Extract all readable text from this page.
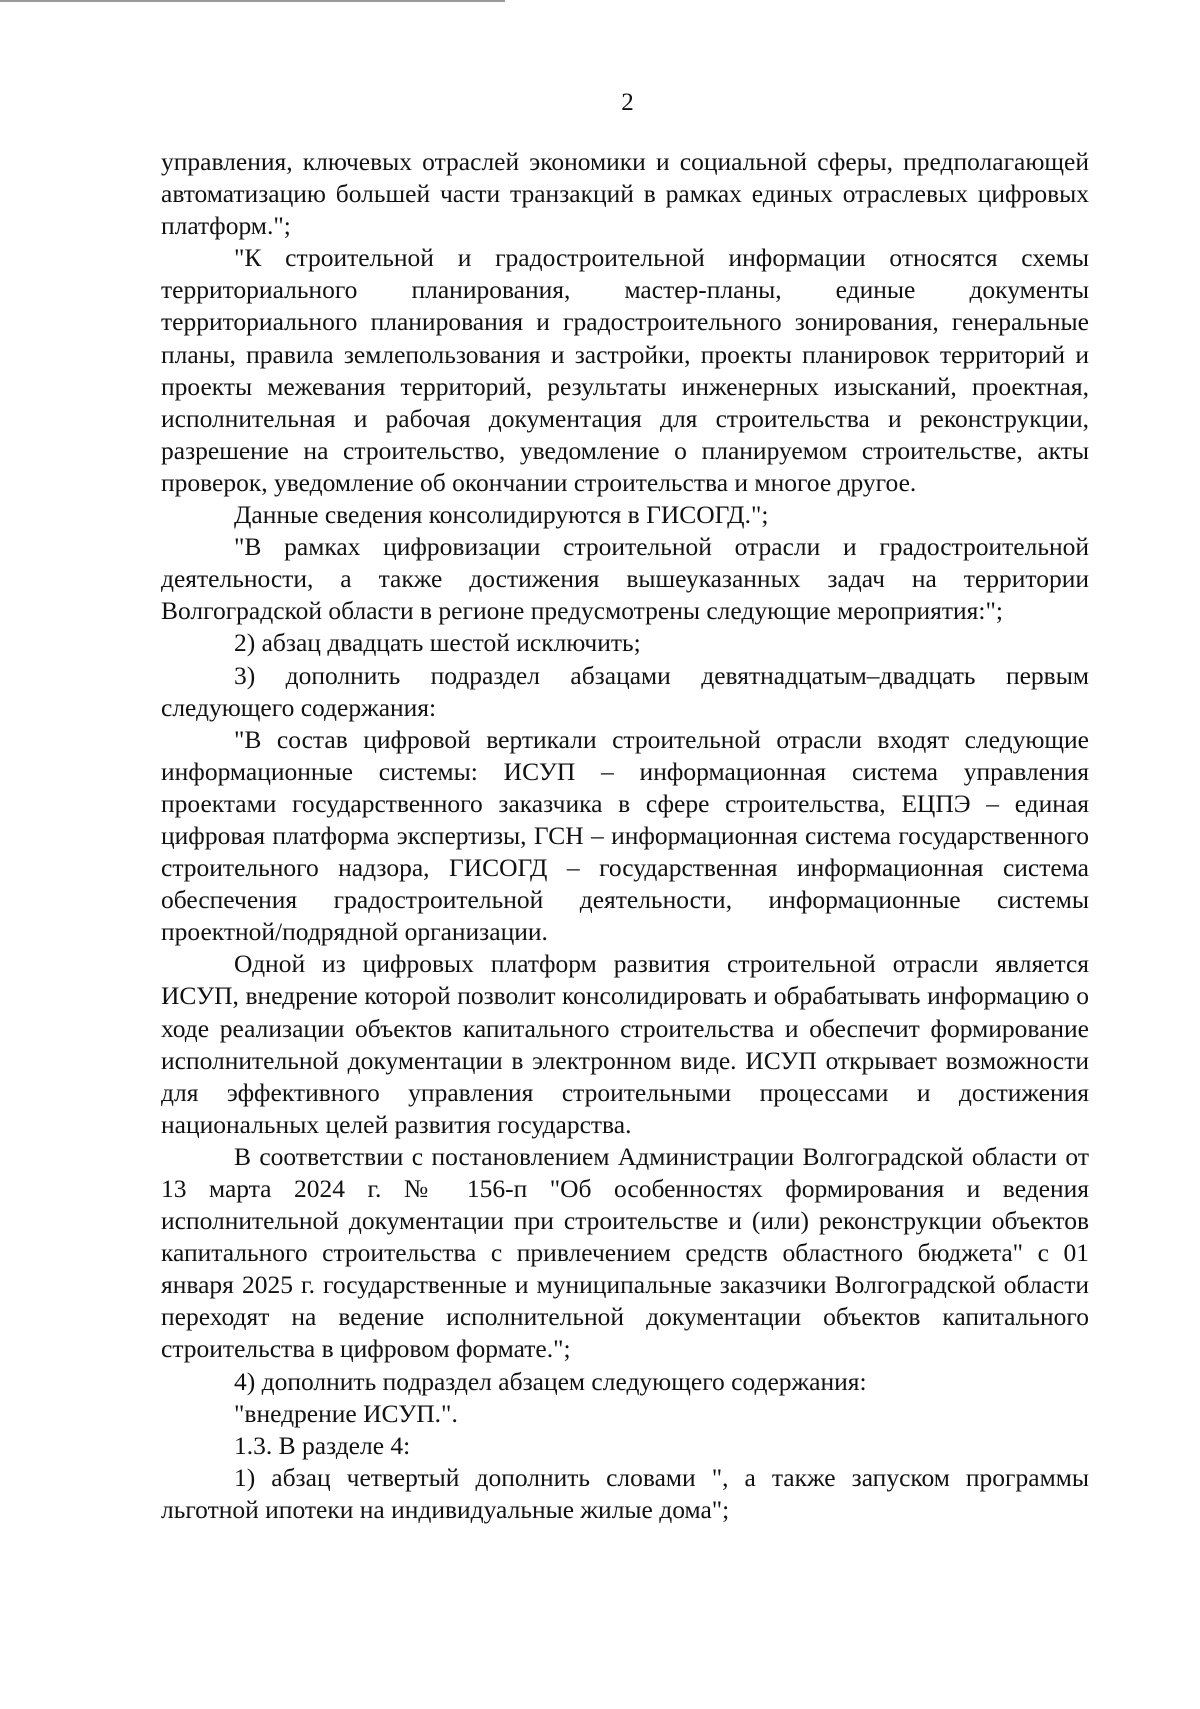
2

управления, ключевых отраслей экономики и социальной сферы, предполагающей автоматизацию большей части транзакций в рамках единых отраслевых цифровых платформ.";

"К строительной и градостроительной информации относятся схемы территориального планирования, мастер-планы, единые документы территориального планирования и градостроительного зонирования, генеральные планы, правила землепользования и застройки, проекты планировок территорий и проекты межевания территорий, результаты инженерных изысканий, проектная, исполнительная и рабочая документация для строительства и реконструкции, разрешение на строительство, уведомление о планируемом строительстве, акты проверок, уведомление об окончании строительства и многое другое.

Данные сведения консолидируются в ГИСОГД.";

"В рамках цифровизации строительной отрасли и градостроительной деятельности, а также достижения вышеуказанных задач на территории Волгоградской области в регионе предусмотрены следующие мероприятия:";

2) абзац двадцать шестой исключить;

3) дополнить подраздел абзацами девятнадцатым–двадцать первым следующего содержания:

"В состав цифровой вертикали строительной отрасли входят следующие информационные системы: ИСУП – информационная система управления проектами государственного заказчика в сфере строительства, ЕЦПЭ – единая цифровая платформа экспертизы, ГСН – информационная система государственного строительного надзора, ГИСОГД – государственная информационная система обеспечения градостроительной деятельности, информационные системы проектной/подрядной организации.

Одной из цифровых платформ развития строительной отрасли является ИСУП, внедрение которой позволит консолидировать и обрабатывать информацию о ходе реализации объектов капитального строительства и обеспечит формирование исполнительной документации в электронном виде. ИСУП открывает возможности для эффективного управления строительными процессами и достижения национальных целей развития государства.

В соответствии с постановлением Администрации Волгоградской области от 13 марта 2024 г. № 156-п "Об особенностях формирования и ведения исполнительной документации при строительстве и (или) реконструкции объектов капитального строительства с привлечением средств областного бюджета" с 01 января 2025 г. государственные и муниципальные заказчики Волгоградской области переходят на ведение исполнительной документации объектов капитального строительства в цифровом формате.";

4) дополнить подраздел абзацем следующего содержания:

"внедрение ИСУП.".

1.3. В разделе 4:

1) абзац четвертый дополнить словами ", а также запуском программы льготной ипотеки на индивидуальные жилые дома";
